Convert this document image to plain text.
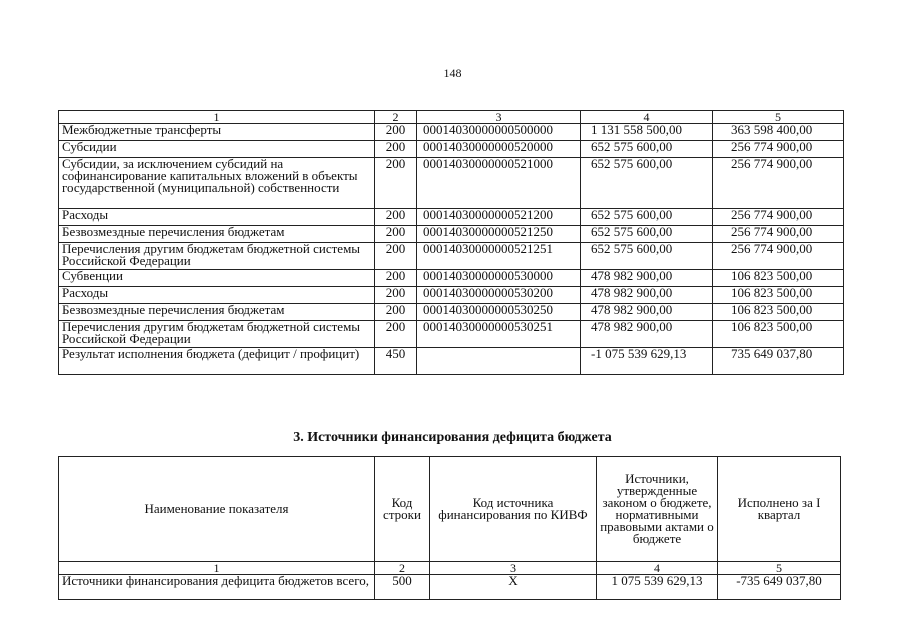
148
1	2	3	4	5
Межбюджетные трансферты	200	00014030000000500000	1 131 558 500,00	363 598 400,00
Субсидии	200	00014030000000520000	652 575 600,00	256 774 900,00
Субсидии, за исключением субсидий на софинансирование капитальных вложений в объекты государственной (муниципальной) собственности	200	00014030000000521000	652 575 600,00	256 774 900,00
Расходы	200	00014030000000521200	652 575 600,00	256 774 900,00
Безвозмездные перечисления бюджетам	200	00014030000000521250	652 575 600,00	256 774 900,00
Перечисления другим бюджетам бюджетной системы Российской Федерации	200	00014030000000521251	652 575 600,00	256 774 900,00
Субвенции	200	00014030000000530000	478 982 900,00	106 823 500,00
Расходы	200	00014030000000530200	478 982 900,00	106 823 500,00
Безвозмездные перечисления бюджетам	200	00014030000000530250	478 982 900,00	106 823 500,00
Перечисления другим бюджетам бюджетной системы Российской Федерации	200	00014030000000530251	478 982 900,00	106 823 500,00
Результат исполнения бюджета (дефицит / профицит)	450		-1 075 539 629,13	735 649 037,80
3. Источники финансирования дефицита бюджета
Наименование показателя	Код строки	Код источника финансирования по КИВФ	Источники, утвержденные законом о бюджете, нормативными правовыми актами о бюджете	Исполнено за I квартал
1	2	3	4	5
Источники финансирования дефицита бюджетов всего,	500	X	1 075 539 629,13	-735 649 037,80
